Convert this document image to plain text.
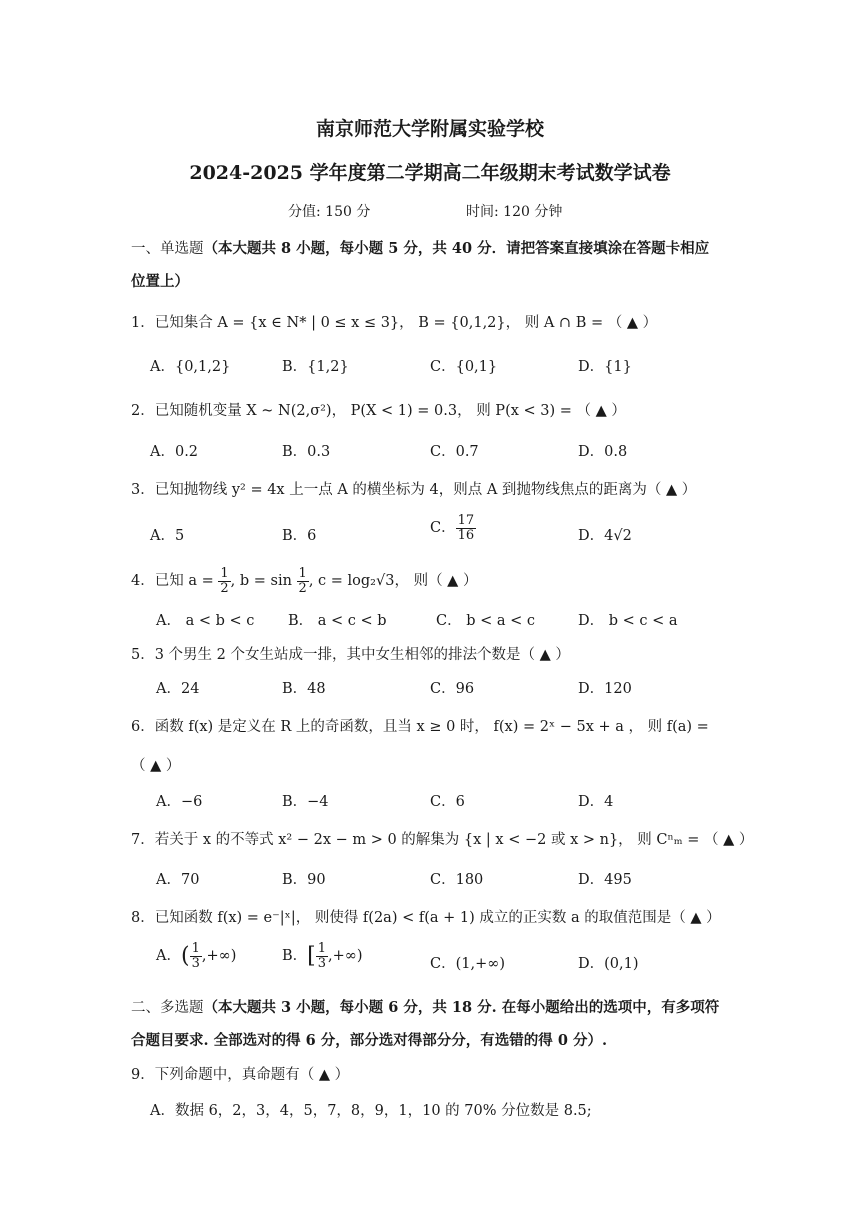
南京师范大学附属实验学校
2024-2025 学年度第二学期高二年级期末考试数学试卷
分值: 150 分	时间: 120 分钟
一、单选题（本大题共 8 小题，每小题 5 分，共 40 分．请把答案直接填涂在答题卡相应
位置上）
1．已知集合 A = {x ∈ N* | 0 ≤ x ≤ 3}， B = {0,1,2}， 则 A ∩ B = （ ▲ ）
A．{0,1,2}	B．{1,2}	C．{0,1}	D．{1}
2．已知随机变量 X ~ N(2,σ²)， P(X < 1) = 0.3， 则 P(x < 3) = （ ▲ ）
A．0.2	B．0.3	C．0.7	D．0.8
3．已知抛物线 y² = 4x 上一点 A 的横坐标为 4，则点 A 到抛物线焦点的距离为（ ▲ ）
A．5	B．6	C． $\frac{17}{16}$	D．4√2
4．已知 $a = \frac{1}{2}$ , $b = \sin \frac{1}{2}$ , c = log₂√3， 则（ ▲ ）
A． a < b < c B． a < c < b	C． b < a < c	D． b < c < a
5．3 个男生 2 个女生站成一排，其中女生相邻的排法个数是（ ▲ ）
A．24	B．48	C．96	D．120
6．函数 f(x) 是定义在 R 上的奇函数，且当 x ≥ 0 时， f(x) = 2ˣ − 5x + a ， 则 f(a) =
（ ▲ ）
A．−6	B．−4	C．6	D．4
7．若关于 x 的不等式 x² − 2x − m > 0 的解集为 {x | x < −2 或 x > n}， 则 Cⁿₘ = （ ▲ ）
A．70	B．90	C．180	D．495
8．已知函数 f(x) = e⁻|ˣ|， 则使得 f(2a) < f(a + 1) 成立的正实数 a 的取值范围是（ ▲ ）
A．( $\frac{1}{3}$ ,+∞)	B．[ $\frac{1}{3}$ ,+∞)	C．(1,+∞)	D．(0,1)
二、多选题（本大题共 3 小题，每小题 6 分，共 18 分. 在每小题给出的选项中，有多项符
合题目要求. 全部选对的得 6 分，部分选对得部分分，有选错的得 0 分）.
9．下列命题中，真命题有（ ▲ ）
A．数据 6，2，3，4，5，7，8，9，1，10 的 70% 分位数是 8.5;
